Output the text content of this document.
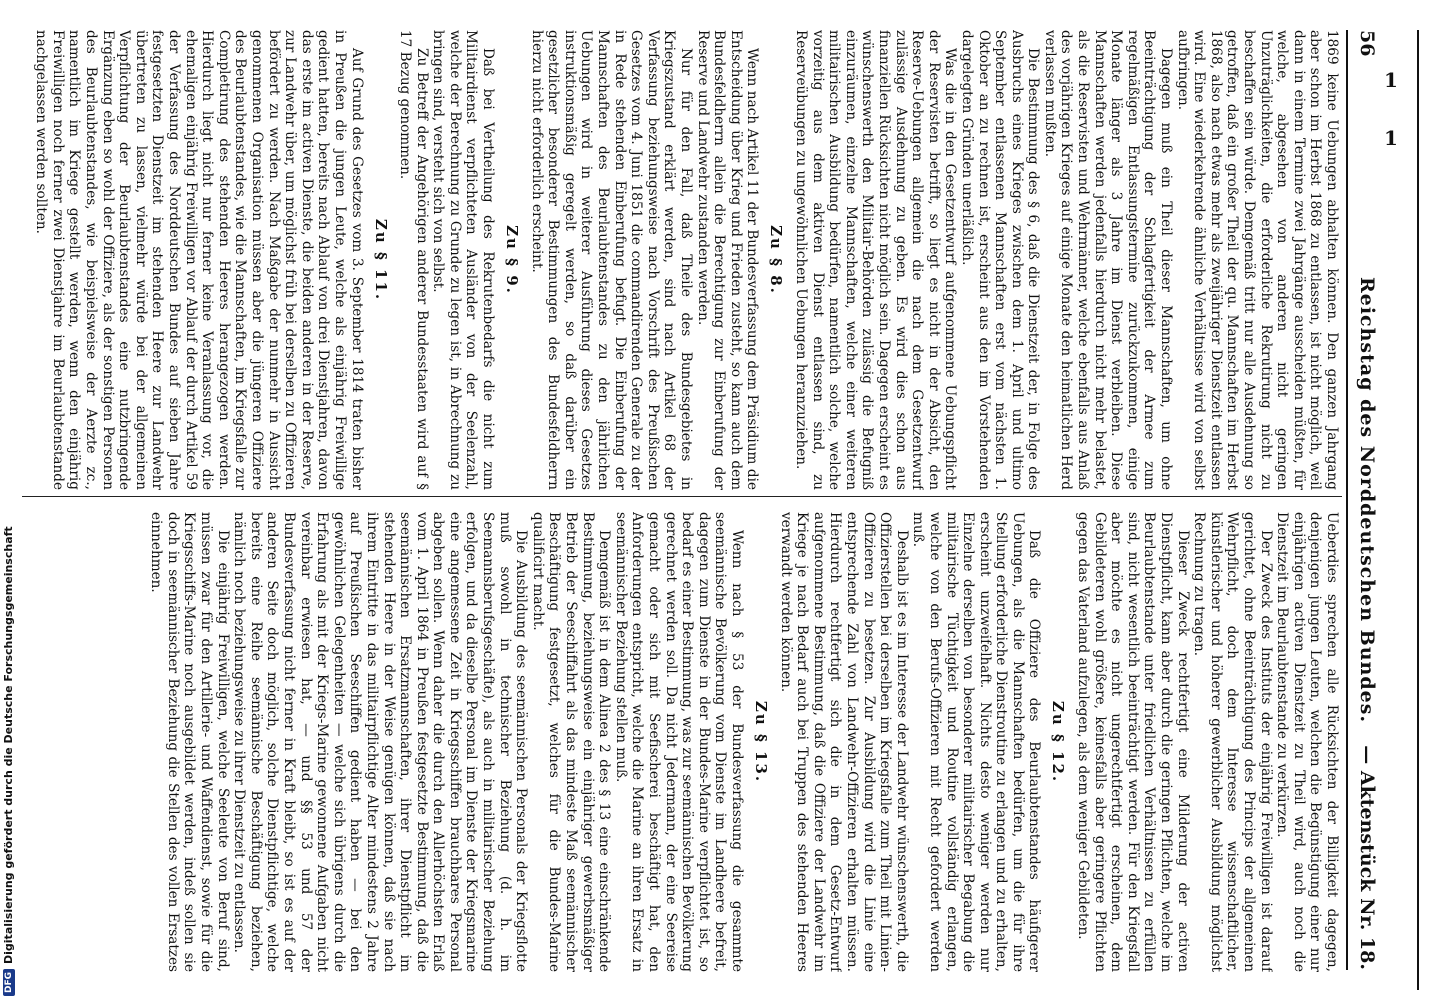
56
Reichstag des Norddeutschen Bundes.
— Aktenstück Nr. 18.

1869 keine Uebungen abhalten können. Den ganzen Jahrgang aber schon im Herbst 1868 zu entlassen, ist nicht möglich, weil dann in einem Termine zwei Jahrgänge ausscheiden müßten, für welche, abgesehen von anderen nicht geringen Unzuträglichkeiten, die erforderliche Rekrutirung nicht zu beschaffen sein würde. Demgemäß tritt nur alle Ausdehnung so getroffen, daß ein großer Theil der qu. Mannschaften im Herbst 1868, also nach etwas mehr als zweijähriger Dienstzeit entlassen wird. Eine wiederkehrende ähnliche Verhältnisse wird von selbst aufbringen.

Dagegen muß ein Theil dieser Mannschaften, um ohne Beeinträchtigung der Schlagfertigkeit der Armee zum regelmäßigen Entlassungstermine zurückzukommen, einige Monate länger als 3 Jahre im Dienst verbleiben. Diese Mannschaften werden jedenfalls hierdurch nicht mehr belastet, als die Reservisten und Wehrmänner, welche ebenfalls aus Anlaß des vorjährigen Krieges auf einige Monate den heimatlichen Herd verlassen mußten.

Die Bestimmung des § 6, daß die Dienstzeit der, in Folge des Ausbruchs eines Krieges zwischen dem 1. April und ultimo September entlassenen Mannschaften erst vom nächsten 1. Oktober an zu rechnen ist, erscheint aus den im Vorstehenden dargelegten Gründen unerläßlich.

Was die in den Gesetzentwurf aufgenommene Uebungspflicht der Reservisten betrifft, so liegt es nicht in der Absicht, den Reserve-Uebungen allgemein die nach dem Gesetzentwurf zulässige Ausdehnung zu geben. Es wird dies schon aus finanziellen Rücksichten nicht möglich sein. Dagegen erscheint es wünschenswerth den Militair-Behörden zulässig die Befugniß einzuräumen, einzelne Mannschaften, welche einer weiteren militairischen Ausbildung bedürfen, namentlich solche, welche vorzeitig aus dem aktiven Dienst entlassen sind, zu Reserveübungen zu ungewöhnlichen Uebungen heranzuziehen.

Zu § 8.

Wenn nach Artikel 11 der Bundesverfassung dem Präsidium die Entscheidung über Krieg und Frieden zusteht, so kann auch dem Bundesfeldherrn allein die Berechtigung zur Einberufung der Reserve und Landwehr zustanden werden.

Nur für den Fall, daß Theile des Bundesgebietes in Kriegszustand erklärt werden, sind nach Artikel 68 der Verfassung beziehungsweise nach Vorschrift des Preußischen Gesetzes vom 4. Juni 1851 die commandirenden Generale zu der in Rede stehenden Einberufung befugt. Die Einberufung der Mannschaften des Beurlaubtenstandes zu den jährlichen Uebungen wird in weiterer Ausführung dieses Gesetzes instruktionsmäßig geregelt werden, so daß darüber ein gesetzlicher besonderer Bestimmungen des Bundesfeldherrn hierzu nicht erforderlich erscheint.

Zu § 9.

Daß bei Vertheilung des Rekrutenbedarfs die nicht zum Militairdienst verpflichteten Ausländer von der Seelenzahl, welche der Berechnung zu Grunde zu legen ist, in Abrechnung zu bringen sind, versteht sich von selbst.

Zu Betreff der Angehörigen anderer Bundesstaaten wird auf § 17 Bezug genommen.

Zu § 11.

Auf Grund des Gesetzes vom 3. September 1814 traten bisher in Preußen die jungen Leute, welche als einjährig Freiwillige gedient hatten, bereits nach Ablauf von drei Dienstjahren, davon das erste im activen Dienste, die beiden anderen in der Reserve, zur Landwehr über, um möglichst früh bei derselben zu Offizieren befördert zu werden. Nach Maßgabe der nunmehr in Aussicht genommenen Organisation müssen aber die jüngeren Offiziere des Beurlaubtenstandes, wie die Mannschaften, im Kriegsfalle zur Completirung des stehenden Heeres herangezogen werden. Hierdurch liegt nicht nur ferner keine Veranlassung vor, die ehemaligen einjährig Freiwilligen vor Ablauf der durch Artikel 59 der Verfassung des Norddeutschen Bundes auf sieben Jahre festgesetzten Dienstzeit im stehenden Heere zur Landwehr übertreten zu lassen, vielmehr würde bei der allgemeinen Verpflichtung der Beurlaubtenstandes eine nutzbringende Ergänzung eben so wohl der Offiziere, als der sonstigen Personen des Beurlaubtenstandes, wie beispielsweise der Aerzte zc., namentlich im Kriege gestellt werden, wenn den einjährig Freiwilligen noch ferner zwei Dienstjahre im Beurlaubtenstande nachgelassen werden sollten.

Ueberdies sprechen alle Rücksichten der Billigkeit dagegen, denjenigen jungen Leuten, welchen die Begünstigung einer nur einjährigen activen Dienstzeit zu Theil wird, auch noch die Dienstzeit im Beurlaubtenstande zu verkürzen.

Der Zweck des Instituts der einjährig Freiwilligen ist darauf gerichtet, ohne Beeinträchtigung des Princips der allgemeinen Wehrpflicht, doch dem Interesse wissenschaftlicher, künstlerischer und höherer gewerblicher Ausbildung möglichst Rechnung zu tragen.

Dieser Zweck rechtfertigt eine Milderung der activen Dienstpflicht, kann aber durch die geringen Pflichten, welche im Beurlaubtenstande unter friedlichen Verhältnissen zu erfüllen sind, nicht wesentlich beeinträchtigt werden. Für den Kriegsfall aber möchte es nicht ungerechtfertigt erscheinen, dem Gebildeteren wohl größere, keinesfalls aber geringere Pflichten gegen das Vaterland aufzulegen, als dem weniger Gebildeten.

Zu § 12.

Daß die Offiziere des Beurlaubtenstandes häufigerer Uebungen, als die Mannschaften bedürfen, um die für ihre Stellung erforderliche Dienstroutine zu erlangen und zu erhalten, erscheint unzweifelhaft. Nichts desto weniger werden nur Einzelne derselben von besonderer militairischer Begabung die militairische Tüchtigkeit und Routine vollständig erlangen, welche von den Berufs-Offizieren mit Recht gefordert werden muß.

Deshalb ist es im Interesse der Landwehr wünschenswerth, die Offizierstellen bei derselben im Kriegsfalle zum Theil mit Linien-Offizieren zu besetzen. Zur Ausbildung wird die Linie eine entsprechende Zahl von Landwehr-Offizieren erhalten müssen. Hierdurch rechtfertigt sich die in dem Gesetz-Entwurf aufgenommene Bestimmung, daß die Offiziere der Landwehr im Kriege je nach Bedarf auch bei Truppen des stehenden Heeres verwandt werden können.

Zu § 13.

Wenn nach § 53 der Bundesverfassung die gesammte seemännische Bevölkerung vom Dienste im Landheere befreit, dagegen zum Dienste in der Bundes-Marine verpflichtet ist, so bedarf es einer Bestimmung, was zur seemännischen Bevölkerung gerechnet werden soll. Da nicht Jedermann, der eine Seereise gemacht oder sich mit Seefischerei beschäftigt hat, den Anforderungen entspricht, welche die Marine an ihren Ersatz in seemännischer Beziehung stellen muß.

Demgemäß ist in dem Alinea 2 des § 13 eine einschränkende Bestimmung, beziehungsweise ein einjähriger gewerbsmäßiger Betrieb der Seeschiffahrt als das mindeste Maß seemännischer Beschäftigung festgesetzt, welches für die Bundes-Marine qualificirt macht.

Die Ausbildung des seemännischen Personals der Kriegsflotte muß sowohl in technischer Beziehung (d. h. im Seemannsberufsgeschäfte), als auch in militairischer Beziehung erfolgen, und da dieselbe Personal im Dienste der Kriegsmarine eine angemessene Zeit in Kriegsschiffen brauchbares Personal abgeben sollen. Wenn daher die durch den Allerhöchsten Erlaß vom 1. April 1864 in Preußen festgesetzte Bestimmung, daß die seemännischen Ersatzmannschaften, ihrer Dienstpflicht im stehenden Heere in der Weise genügen können, daß sie nach ihrem Eintritte in das militairpflichtige Alter mindestens 2 Jahre auf Preußischen Seeschiffen gedient haben — bei den gewöhnlichen Gelegenheiten — welche sich übrigens durch die Erfahrung als mit der Kriegs-Marine gewonnene Aufgaben nicht vereinbar erwiesen hat, — und §§ 53 und 57 der Bundesverfassung nicht ferner in Kraft bleibt, so ist es auf der anderen Seite doch möglich, solche Dienstpflichtige, welche bereits eine Reihe seemännische Beschäftigung beziehen, nämlich noch beziehungsweise zu ihrer Dienstzeit zu entlassen.

Die einjährig Freiwilligen, welche Seeleute von Beruf sind, müssen zwar für den Artillerie- und Waffendienst, sowie für die Kriegsschiffs-Marine noch ausgebildet werden, indeß sollen sie doch in seemännischer Beziehung die Stellen des vollen Ersatzes einnehmen.

1
1
DFGDigitalisierung gefördert durch die Deutsche Forschungsgemeinschaft
